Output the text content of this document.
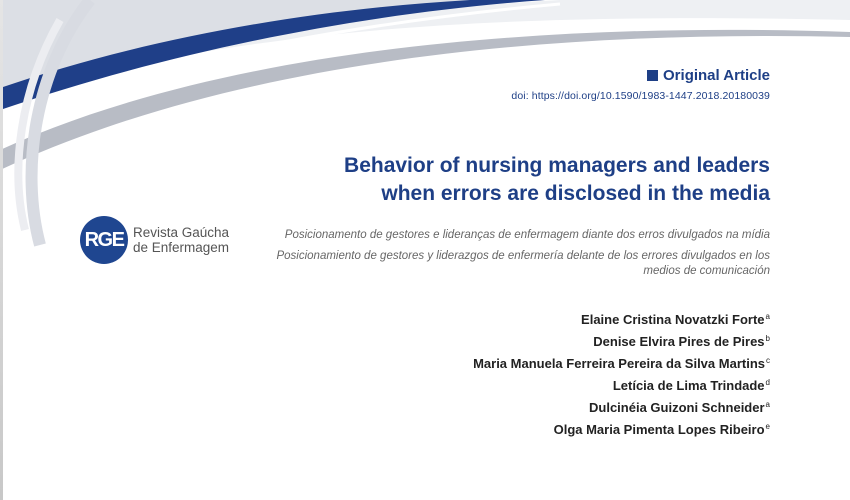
Original Article
doi: https://doi.org/10.1590/1983-1447.2018.20180039
Behavior of nursing managers and leaders
when errors are disclosed in the media
RGE Revista Gaúcha
de Enfermagem
Posicionamento de gestores e lideranças de enfermagem diante dos erros divulgados na mídia
Posicionamiento de gestores y liderazgos de enfermería delante de los errores divulgados en los medios de comunicación
Elaine Cristina Novatzki Forte$^a$
Denise Elvira Pires de Pires$^b$
Maria Manuela Ferreira Pereira da Silva Martins$^c$
Letícia de Lima Trindade$^d$
Dulcinéia Guizoni Schneider$^a$
Olga Maria Pimenta Lopes Ribeiro$^e$
